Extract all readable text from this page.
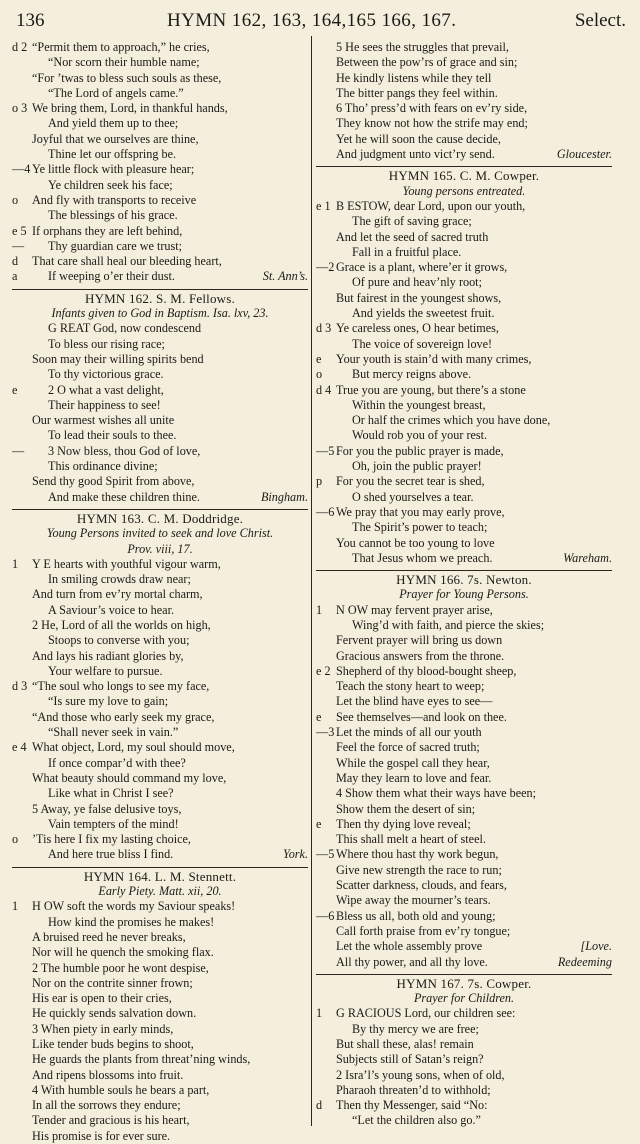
136	HYMN 162, 163, 164,165 166, 167.	Select.
d 2 “Permit them to approach,” he cries,
“Nor scorn their humble name;
“For ’twas to bless such souls as these,
“The Lord of angels came.”
o 3 We bring them, Lord, in thankful hands,
And yield them up to thee;
Joyful that we ourselves are thine,
Thine let our offspring be.
—4 Ye little flock with pleasure hear;
Ye children seek his face;
o	And fly with transports to receive
The blessings of his grace.
e 5 If orphans they are left behind,
—	Thy guardian care we trust;
d	That care shall heal our bleeding heart,
a	If weeping o’er their dust.	St. Ann’s.
HYMN 162. S. M. Fellows.
Infants given to God in Baptism. Isa. lxv, 23.
G REAT God, now condescend
To bless our rising race;
Soon may their willing spirits bend
To thy victorious grace.
e	2 O what a vast delight,
Their happiness to see!
Our warmest wishes all unite
To lead their souls to thee.
—	3 Now bless, thou God of love,
This ordinance divine;
Send thy good Spirit from above,
And make these children thine.	Bingham.
HYMN 163. C. M. Doddridge.
Young Persons invited to seek and love Christ.
Prov. viii, 17.
1	Y E hearts with youthful vigour warm,
In smiling crowds draw near;
And turn from ev’ry mortal charm,
A Saviour’s voice to hear.
2 He, Lord of all the worlds on high,
Stoops to converse with you;
And lays his radiant glories by,
Your welfare to pursue.
d 3 “The soul who longs to see my face,
“Is sure my love to gain;
“And those who early seek my grace,
“Shall never seek in vain.”
e 4 What object, Lord, my soul should move,
If once compar’d with thee?
What beauty should command my love,
Like what in Christ I see?
5 Away, ye false delusive toys,
Vain tempters of the mind!
o	’Tis here I fix my lasting choice,
And here true bliss I find.	York.
HYMN 164. L. M. Stennett.
Early Piety. Matt. xii, 20.
1	H OW soft the words my Saviour speaks!
How kind the promises he makes!
A bruised reed he never breaks,
Nor will he quench the smoking flax.
2 The humble poor he wont despise,
Nor on the contrite sinner frown;
His ear is open to their cries,
He quickly sends salvation down.
3 When piety in early minds,
Like tender buds begins to shoot,
He guards the plants from threat’ning winds,
And ripens blossoms into fruit.
4 With humble souls he bears a part,
In all the sorrows they endure;
Tender and gracious is his heart,
His promise is for ever sure.
5 He sees the struggles that prevail,
Between the pow’rs of grace and sin;
He kindly listens while they tell
The bitter pangs they feel within.
6 Tho’ press’d with fears on ev’ry side,
They know not how the strife may end;
Yet he will soon the cause decide,
And judgment unto vict’ry send.	Gloucester.
HYMN 165. C. M. Cowper.
Young persons entreated.
e 1 B ESTOW, dear Lord, upon our youth,
The gift of saving grace;
And let the seed of sacred truth
Fall in a fruitful place.
—2 Grace is a plant, where’er it grows,
Of pure and heav’nly root;
But fairest in the youngest shows,
And yields the sweetest fruit.
d 3 Ye careless ones, O hear betimes,
The voice of sovereign love!
e	Your youth is stain’d with many crimes,
o	But mercy reigns above.
d 4 True you are young, but there’s a stone
Within the youngest breast,
Or half the crimes which you have done,
Would rob you of your rest.
—5 For you the public prayer is made,
Oh, join the public prayer!
p	For you the secret tear is shed,
O shed yourselves a tear.
—6 We pray that you may early prove,
The Spirit’s power to teach;
You cannot be too young to love
That Jesus whom we preach.	Wareham.
HYMN 166. 7s. Newton.
Prayer for Young Persons.
1	N OW may fervent prayer arise,
Wing’d with faith, and pierce the skies;
Fervent prayer will bring us down
Gracious answers from the throne.
e 2 Shepherd of thy blood-bought sheep,
Teach the stony heart to weep;
Let the blind have eyes to see—
e	See themselves—and look on thee.
—3 Let the minds of all our youth
Feel the force of sacred truth;
While the gospel call they hear,
May they learn to love and fear.
4 Show them what their ways have been;
Show them the desert of sin;
e	Then thy dying love reveal;
This shall melt a heart of steel.
—5 Where thou hast thy work begun,
Give new strength the race to run;
Scatter darkness, clouds, and fears,
Wipe away the mourner’s tears.
—6 Bless us all, both old and young;
Call forth praise from ev’ry tongue;
Let the whole assembly prove	[Love.
All thy power, and all thy love.	Redeeming
HYMN 167. 7s. Cowper.
Prayer for Children.
1	G RACIOUS Lord, our children see:
By thy mercy we are free;
But shall these, alas! remain
Subjects still of Satan’s reign?
2 Isra’l’s young sons, when of old,
Pharaoh threaten’d to withhold;
d	Then thy Messenger, said “No:
“Let the children also go.”
